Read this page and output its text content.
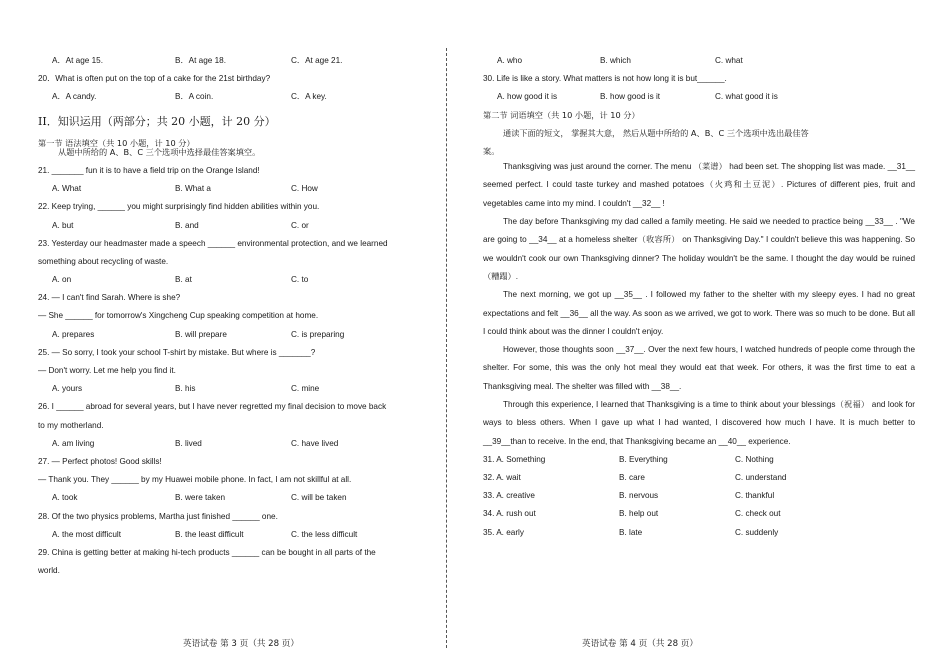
A．At age 15.	B．At age 18.	C．At age 21.
20．What is often put on the top of a cake for the 21st birthday?
A．A candy.	B．A coin.	C．A key.
II．知识运用（两部分；共 20 小题，计 20 分）
第一节 语法填空（共 10 小题，计 10 分）
从题中所给的 A、B、C 三个选项中选择最佳答案填空。
21. _______ fun it is to have a field trip on the Orange Island!
A. What	B. What a	C. How
22. Keep trying, ______ you might surprisingly find hidden abilities within you.
A. but	B. and	C. or
23. Yesterday our headmaster made a speech ______ environmental protection, and we learned
something about recycling of waste.
A. on	B. at	C. to
24. — I can't find Sarah. Where is she?
— She ______ for tomorrow's Xingcheng Cup speaking competition at home.
A. prepares	B. will prepare	C. is preparing
25. — So sorry, I took your school T-shirt by mistake. But where is _______?
— Don't worry. Let me help you find it.
A. yours	B. his	C. mine
26. I ______ abroad for several years, but I have never regretted my final decision to move back
to my motherland.
A. am living	B. lived	C. have lived
27. — Perfect photos! Good skills!
— Thank you. They ______ by my Huawei mobile phone. In fact, I am not skillful at all.
A. took	B. were taken	C. will be taken
28. Of the two physics problems, Martha just finished ______ one.
A. the most difficult	B. the least difficult	C. the less difficult
29. China is getting better at making hi-tech products ______ can be bought in all parts of the
world.
英语试卷 第 3 页（共 28 页）
A. who	B. which	C. what
30. Life is like a story. What matters is not how long it is but______.
A. how good it is	B. how good is it	C. what good it is
第二节 词语填空（共 10 小题，计 10 分）
通读下面的短文， 掌握其大意， 然后从题中所给的 A、B、C 三个选项中选出最佳答
案。
Thanksgiving was just around the corner. The menu （菜谱） had been set. The shopping list was made. __31__ seemed perfect. I could taste turkey and mashed potatoes（火鸡和土豆泥）. Pictures of different pies, fruit and vegetables came into my mind. I couldn't __32__ !
The day before Thanksgiving my dad called a family meeting. He said we needed to practice being __33__ . "We are going to __34__ at a homeless shelter（收容所） on Thanksgiving Day." I couldn't believe this was happening. So we wouldn't cook our own Thanksgiving dinner? The holiday wouldn't be the same. I thought the day would be ruined （糟蹋）.
The next morning, we got up __35__ . I followed my father to the shelter with my sleepy eyes. I had no great expectations and felt __36__ all the way. As soon as we arrived, we got to work. There was so much to be done. But all I could think about was the dinner I couldn't enjoy.
However, those thoughts soon __37__. Over the next few hours, I watched hundreds of people come through the shelter. For some, this was the only hot meal they would eat that week. For others, it was the first time to eat a Thanksgiving meal. The shelter was filled with __38__.
Through this experience, I learned that Thanksgiving is a time to think about your blessings（祝福） and look for ways to bless others. When I gave up what I had wanted, I discovered how much I have. It is much better to __39__than to receive. In the end, that Thanksgiving became an __40__ experience.
31. A. Something	B. Everything	C. Nothing
32. A. wait	B. care	C. understand
33. A. creative	B. nervous	C. thankful
34. A. rush out	B. help out	C. check out
35. A. early	B. late	C. suddenly
英语试卷 第 4 页（共 28 页）
